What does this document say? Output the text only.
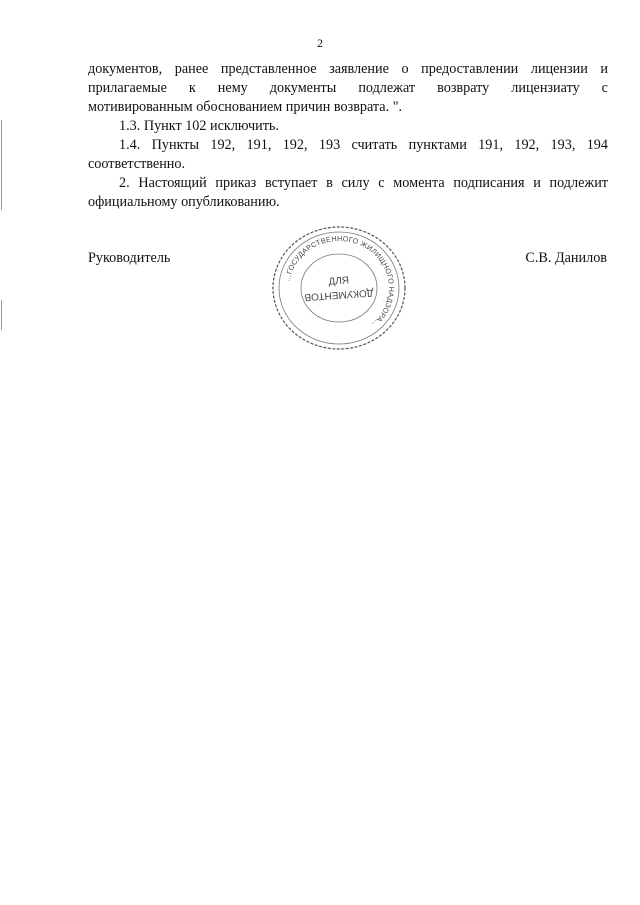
2

документов, ранее представленное заявление о предоставлении лицензии и

прилагаемые к нему документы подлежат возврату лицензиату с

мотивированным обоснованием причин возврата. ".

1.3. Пункт 102 исключить.

1.4. Пункты 192, 191, 192, 193 считать пунктами 191, 192, 193, 194

соответственно.

2. Настоящий приказ вступает в силу с момента подписания и подлежит

официальному опубликованию.

Руководитель	С.В. Данилов
…ГОСУДАРСТВЕННОГО ЖИЛИЩНОГО НАДЗОРА…
ДЛЯ
ДОКУМЕНТОВ
